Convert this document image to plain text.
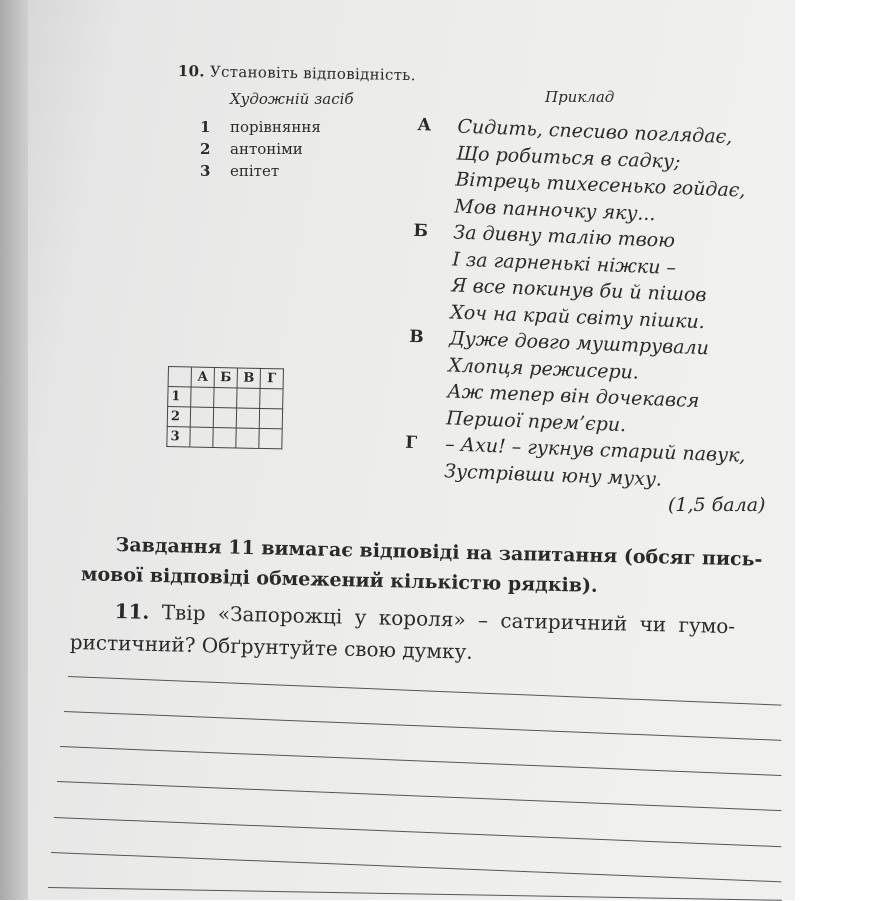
10. Установіть відповідність.
Художній засіб	Приклад
1	порівняння
2	антоніми
3	епітет
А	Сидить, спесиво поглядає,
Що робиться в садку;
Вітрець тихесенько гойдає,
Мов панночку яку...
Б	За дивну талію твою
І за гарненькі ніжки –
Я все покинув би й пішов
Хоч на край світу пішки.
В	Дуже довго муштрували
Хлопця режисери.
Аж тепер він дочекався
Першої прем’єри.
Г	– Ахи! – гукнув старий павук,
Зустрівши юну муху.
	А	Б	В	Г
1				
2				
3				
(1,5 бала)
Завдання 11 вимагає відповіді на запитання (обсяг пись-
мової відповіді обмежений кількістю рядків).
11. Твір «Запорожці у короля» – сатиричний чи гумо-
ристичний? Обґрунтуйте свою думку.
